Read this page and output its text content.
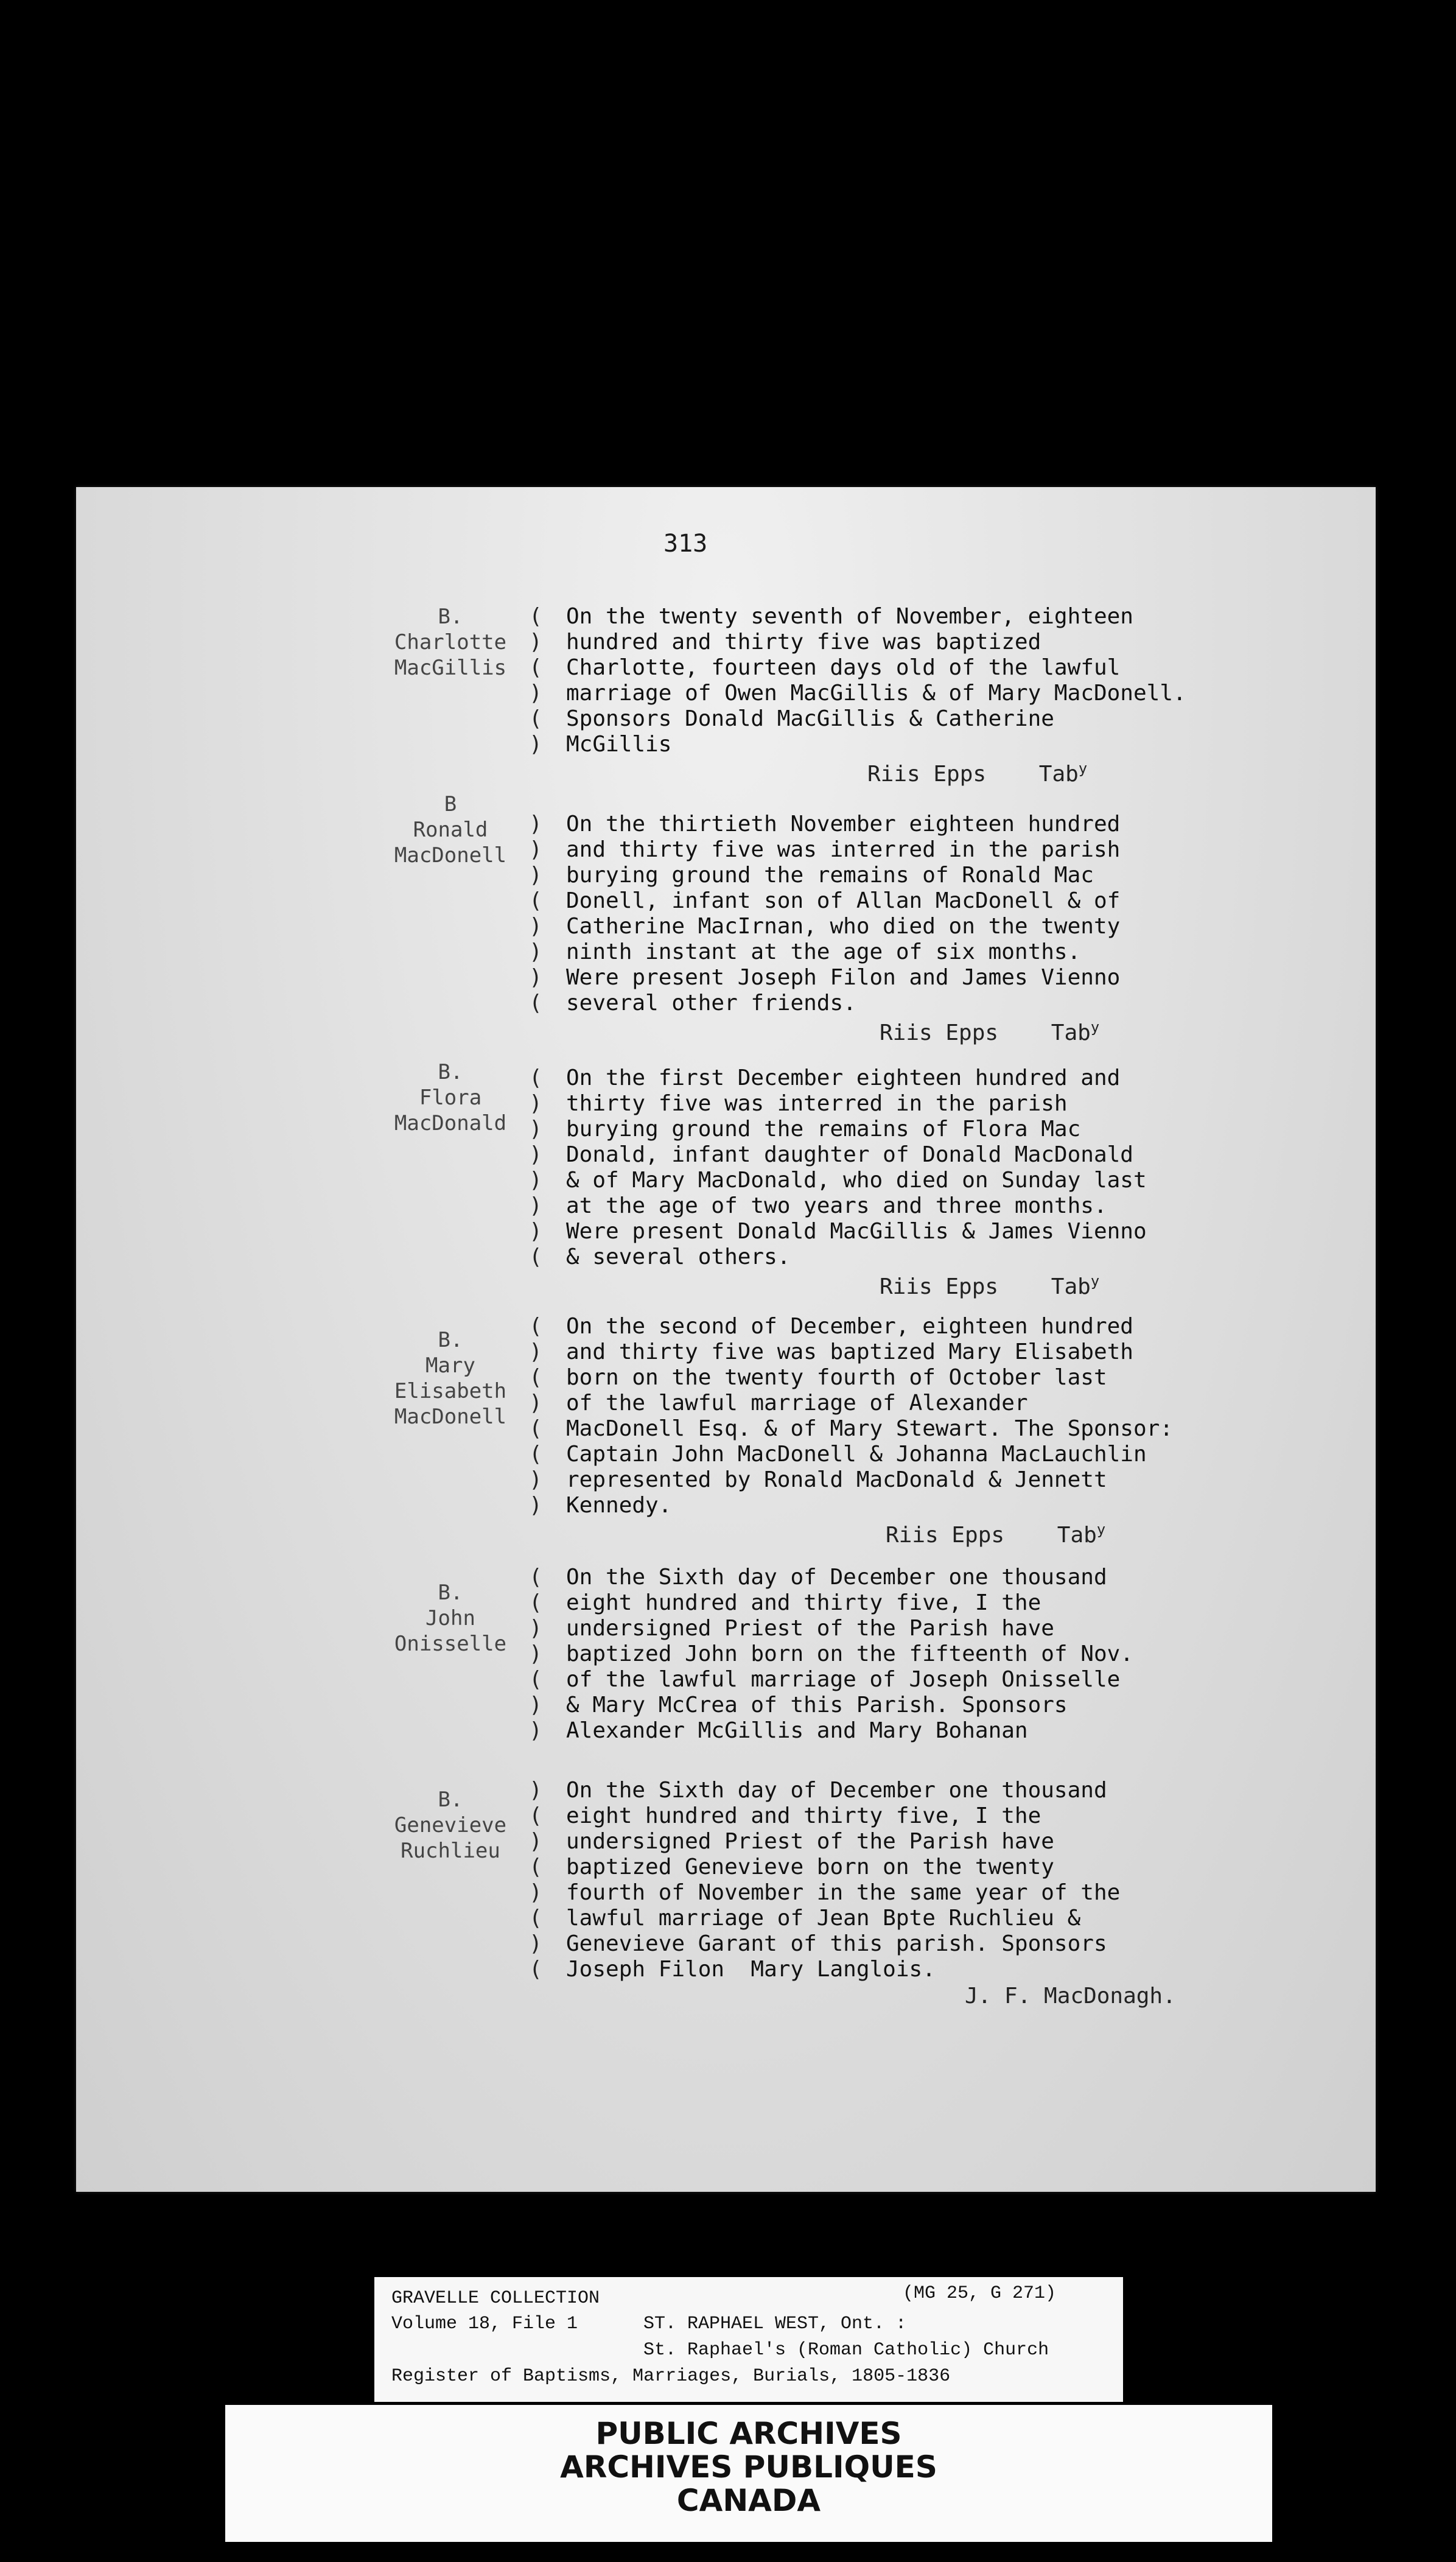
313
B.
Charlotte
MacGillis
(
)
(
)
(
)
On the twenty seventh of November, eighteen
hundred and thirty five was baptized
Charlotte, fourteen days old of the lawful
marriage of Owen MacGillis & of Mary MacDonell.
Sponsors Donald MacGillis & Catherine
McGillis
Riis Epps    Tab$^y$
B
Ronald
MacDonell
)
)
)
(
)
)
)
(
On the thirtieth November eighteen hundred
and thirty five was interred in the parish
burying ground the remains of Ronald Mac
Donell, infant son of Allan MacDonell & of
Catherine MacIrnan, who died on the twenty
ninth instant at the age of six months.
Were present Joseph Filon and James Vienno
several other friends.
Riis Epps    Tab$^y$
B.
Flora
MacDonald
(
)
)
)
)
)
)
(
On the first December eighteen hundred and
thirty five was interred in the parish
burying ground the remains of Flora Mac
Donald, infant daughter of Donald MacDonald
& of Mary MacDonald, who died on Sunday last
at the age of two years and three months.
Were present Donald MacGillis & James Vienno
& several others.
Riis Epps    Tab$^y$
B.
Mary
Elisabeth
MacDonell
(
)
(
)
(
(
)
)
On the second of December, eighteen hundred
and thirty five was baptized Mary Elisabeth
born on the twenty fourth of October last
of the lawful marriage of Alexander
MacDonell Esq. & of Mary Stewart. The Sponsor:
Captain John MacDonell & Johanna MacLauchlin
represented by Ronald MacDonald & Jennett
Kennedy.
Riis Epps    Tab$^y$
B.
John
Onisselle
(
(
)
)
(
)
)
On the Sixth day of December one thousand
eight hundred and thirty five, I the
undersigned Priest of the Parish have
baptized John born on the fifteenth of Nov.
of the lawful marriage of Joseph Onisselle
& Mary McCrea of this Parish. Sponsors
Alexander McGillis and Mary Bohanan
B.
Genevieve
Ruchlieu
)
(
)
(
)
(
)
(
On the Sixth day of December one thousand
eight hundred and thirty five, I the
undersigned Priest of the Parish have
baptized Genevieve born on the twenty
fourth of November in the same year of the
lawful marriage of Jean Bpte Ruchlieu &
Genevieve Garant of this parish. Sponsors
Joseph Filon  Mary Langlois.
J. F. MacDonagh.
GRAVELLE COLLECTION	(MG 25, G 271)
Volume 18, File 1	ST. RAPHAEL WEST, Ont. :
St. Raphael's (Roman Catholic) Church
Register of Baptisms, Marriages, Burials, 1805-1836
PUBLIC ARCHIVES
ARCHIVES PUBLIQUES
CANADA
